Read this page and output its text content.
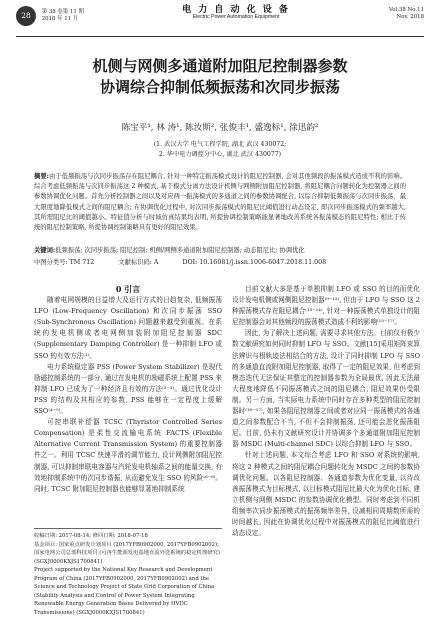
28 第 38 卷第 11 期
2018 年 11 月
电 力 自 动 化 设 备
Electric Power Automation Equipment
Vol.38 No.11
Nov. 2018
机侧与网侧多通道附加阻尼控制器参数
协调综合抑制低频振荡和次同步振荡
陈宝平¹, 林 涛¹, 陈汝斯², 张俊丰¹, 盛逸标¹, 徐迅韵²
(1. 武汉大学 电气工程学院, 湖北 武汉 430072;
2. 华中电力调控分中心, 湖北 武汉 430077)
摘要:由于低频振荡与次同步振荡存在阻尼耦合, 针对一种特定振荡模式设计的阻尼控制器, 会对其他频段的振荡模式造成不利的影响。综合考虑低频振荡与次同步振荡这 2 种模式, 基于模式分离方法设计机侧与网侧附加阻尼控制器, 将阻尼耦合问题转化为控制器之间的参数协调优化问题。首先分析控制器之间以及对应两一振荡模式的多通道之间的参数协调配合, 以综合抑制低频振荡与次同步振荡、最大限度地降低模式之间的阻尼耦合; 在协调优化过程中, 对次同步振荡模式的阻尼比阈值进行动态设定, 即次同步振荡模式的频率越大, 其所需阻尼比的阈值越小。特征值分析与时域仿真结果均表明, 所提协调控制策略能显著地改善系统各振荡模态的阻尼特性; 相比于传统的阻尼控制策略, 所提协调控制策略具有更好的阻尼效果。
关键词:低频振荡; 次同步振荡; 阻尼控制; 机侧/网侧多通道附加阻尼控制器; 动态阻尼比; 协调优化
中图分类号: TM 712	文献标识码: A	DOI: 10.16081/j.issn.1006-6047.2018.11.008

0 引言

随着电网规模的日益增大及运行方式的日趋复杂, 低频振荡 LFO (Low-Frequency Oscillation) 和次同步振荡 SSO (Sub-Synchronous Oscillation) 问题越来越受到重视。在系统的发电机侧或者电网侧加装附加阻尼控制器 SDC (Supplementary Damping Controller) 是一种抑制 LFO 或 SSO 的有效方法⁽¹⁾。

电力系统稳定器 PSS (Power System Stabilizer) 是现代励磁控制系统的一部分, 通过在发电机的励磁系统上配置 PSS 来抑制 LFO 已成为了一种经济且有效的方法⁽²⁻³⁾。通过优化设计 PSS 的结构及其相应的参数, PSS 能够在一定程度上缓解 SSO⁽⁴⁻⁵⁾。

可控串联补偿器 TCSC (Thyristor Controlled Series Compensation) 是柔性交流输电系统 FACTS (Flexible Alternative Current Transmission System) 的重要控制器件之一。利用 TCSC 快速平滑的调节能力, 设计网侧附加阻尼控制器, 可以抑制串联电容器与汽轮发电机轴系之间的能量交换, 有效地抑制系统中的次同步谐振, 从而避免发生 SSO 的风险⁽⁶⁻⁸⁾。同时, TCSC 附加阻尼控制器也能够显著地抑制系统

目前文献大多是基于单独抑制 LFO 或 SSO 的目的而优化设计发电机侧或网侧阻尼控制器⁽⁹⁻¹²⁾, 但由于 LFO 与 SSO 这 2 种振荡模式存在阻尼耦合⁽¹³⁻¹⁴⁾, 针对一种振荡模式单独设计的阻尼控制器会对其他频段的振荡模式造成不利的影响⁽¹⁵⁻¹⁷⁾。

因此, 为了解决上述问题, 需要寻求其他方法。目前仅有极少数文献研究如何同时抑制 LFO 与 SSO。文献[15]采用矩阵束算法辨识与根轨迹法相结合的方法, 设计了同时抑制 LFO 与 SSO 的多通道直流附加阻尼控制器, 取得了一定的阻尼效果, 但考虑到模态迭代无法保证其整定的控制器参数为全局最优, 因此无法最大程度地降低不同振荡模式之间的阻尼耦合, 阻尼效果仍受限制。另一方面, 当实际电力系统中同时存在多种类型的阻尼控制器时⁽¹⁶⁻¹⁷⁾, 如果各阻尼控制器之间或者对应同一振荡模式的各通道之间参数配合不当, 不但不会抑制振荡, 还可能会恶化振荡阻尼。目前, 仍未有文献研究设计并协调多个多通道附加阻尼控制器 MSDC (Multi-channel SDC) 以综合抑制 LFO 与 SSO。

针对上述问题, 本文综合考虑 LFO 和 SSO 对系统的影响, 将这 2 种模式之间的阻尼耦合问题转化为 MSDC 之间的参数协调优化问题。以各阻尼控制器、各通道参数为优化变量, 以待改善振荡模式为目标模式, 以目标模式阻尼比最大化为优化目标, 建立机侧与网侧 MSDC 的参数协调优化模型。同时考虑到不同机组频率次同步振荡模式的振荡频率差异, 设减相同周期数所需的时间越长, 因此在协调优化过程中对振荡模式的阻尼比阈值进行动态设定。

收稿日期: 2017-08-14; 修回日期: 2018-07-18

基金项目: 国家重点研发计划项目 (2017YFB0902000, 2017YFB0902002); 国家电网公司总部科技项目 (可再生能源发电基地直流外送系统的稳定机理研究) (SGXJ0000KXJS1700841)

Project supported by the National Key Research and Development Program of China (2017YFB0902000, 2017YFB0902002) and the Science and Technology Project of State Grid Corporation of China (Stability Analysis and Control of Power System Integrating Renewable Energy Generation Bases Delivered by HVDC Transmissions) (SGXJ0000KXJS1700841)
